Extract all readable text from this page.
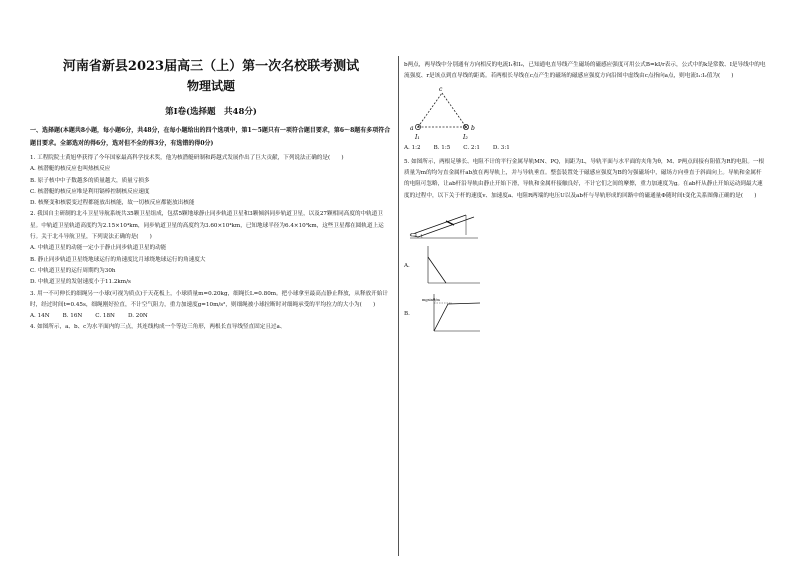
河南省新县2023届高三（上）第一次名校联考测试

物理试题

第Ⅰ卷(选择题　共48分)

一、选择题(本题共8小题，每小题6分，共48分，在每小题给出的四个选项中，第1～5题只有一项符合题目要求，第6～8题有多项符合题目要求。全部选对的得6分，选对但不全的得3分，有选错的得0分)

1. 工程院院士黄旭华获得了今年国家最高科学技术奖，他为核潜艇研制和跨越式发展作出了巨大贡献，下列说法正确的是(　　)

A. 核潜艇的核反应也叫热核反应

B. 原子核中中子数越多的质量越大，质量亏损多

C. 核潜艇的核反应堆是利用镉棒控制核反应速度

D. 核聚变和核裂变过程都能放出核能，故一切核反应都能放出核能

2. 我国自主研制的北斗卫星导航系统共35颗卫星组成，包括5颗地球静止同步轨道卫星和3颗倾斜同步轨道卫星，以及27颗相同高度的中轨道卫星。中轨道卫星轨道高度约为2.15×10⁴km，同步轨道卫星的高度约为3.60×10⁴km，已知地球半径为6.4×10³km，这些卫星都在圆轨道上运行。关于北斗导航卫星，下列说法正确的是(　　)

A. 中轨道卫星的动能一定小于静止同步轨道卫星的动能

B. 静止同步轨道卫星绕地球运行的角速度比月球绕地球运行的角速度大

C. 中轨道卫星的运行周期约为30h

D. 中轨道卫星的发射速度小于11.2km/s

3. 用一不可伸长的细绳另一小球(可视为质点)于天花板上，小球质量m=0.20kg，细绳长L=0.80m。把小球拿至最高点静止释放，从释放开始计时，经过时间t=0.45s，细绳刚好拉直，不计空气阻力，重力加速度g=10m/s²，则细绳被小球拉断时对细绳承受的平均拉力的大小为(　　)

A. 14N B. 16N C. 18N D. 20N

4. 如图所示，a、b、c为水平面内的三点，其连线构成一个等边三角形，两根长直导线竖直固定且过a、

b两点，两导线中分别通有方向相反的电流I₁和I₂，已知通电直导线产生磁场的磁感应强度可用公式B=kI/r表示，公式中的k是常数、I是导线中的电流强度、r是该点到直导线的距离。若两根长导线在c点产生的磁场的磁感应强度方向沿图中虚线由c点指向a点，则电流I₁:I₂值为(　　)

c
a	b
I₁	I₂
A. 1:2 B. 1:5 C. 2:1 D. 3:1

5. 如图所示，两根足够长、电阻不计的平行金属导轨MN、PQ，间距为L，导轨平面与水平面的夹角为θ，M、P两点间接有阻值为R的电阻。一根质量为m的均匀直金属杆ab放在两导轨上，并与导轨垂直。整套装置处于磁感应强度为B的匀强磁场中，磁场方向垂直于斜面向上。导轨和金属杆的电阻可忽略，让ab杆沿导轨由静止开始下滑，导轨和金属杆接触良好，不计它们之间的摩擦，重力加速度为g。在ab杆从静止开始运动到最大速度的过程中，以下关于杆的速度v、加速度a、电阻R两端的电压U以及ab杆与导轨形成的回路中的磁通量Φ随时间t变化关系图像正确的是(　　)

A.
B.
mgsinθ/m
